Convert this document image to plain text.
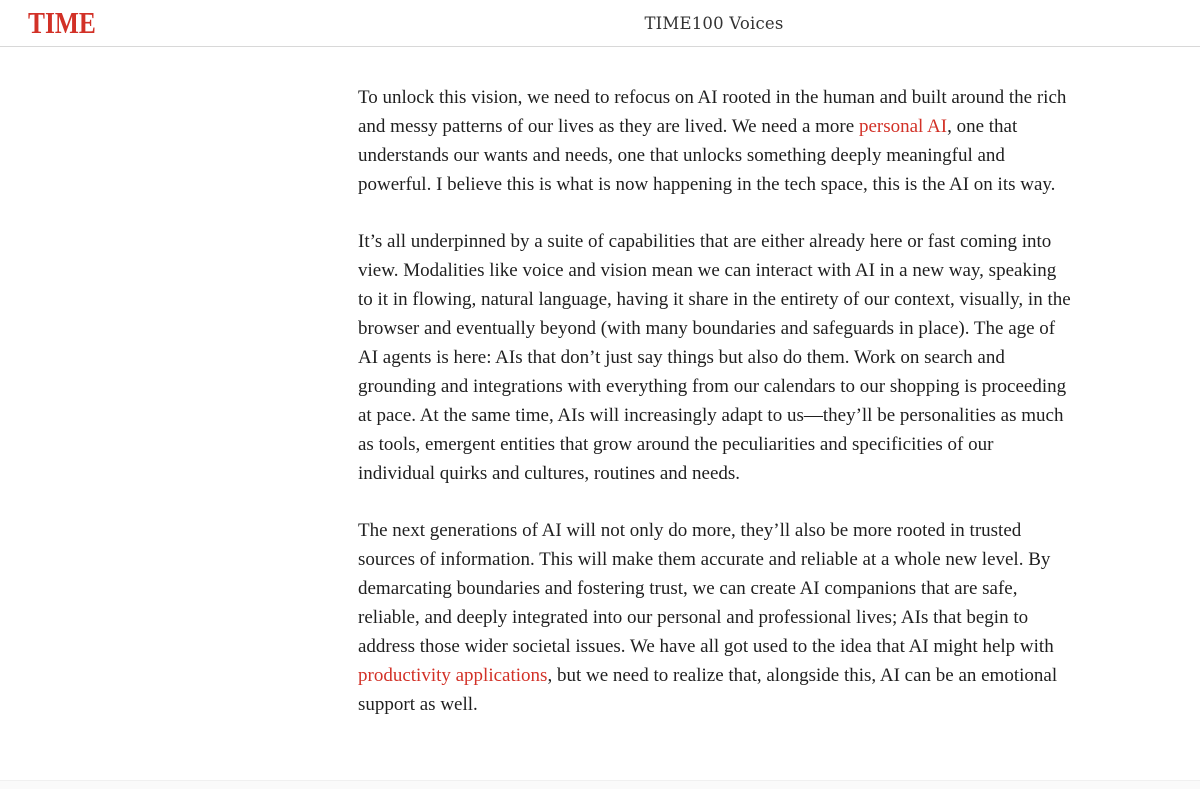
TIME	TIME100 Voices

To unlock this vision, we need to refocus on AI rooted in the human and built around the rich and messy patterns of our lives as they are lived. We need a more personal AI, one that understands our wants and needs, one that unlocks something deeply meaningful and powerful. I believe this is what is now happening in the tech space, this is the AI on its way.

It’s all underpinned by a suite of capabilities that are either already here or fast coming into view. Modalities like voice and vision mean we can interact with AI in a new way, speaking to it in flowing, natural language, having it share in the entirety of our context, visually, in the browser and eventually beyond (with many boundaries and safeguards in place). The age of AI agents is here: AIs that don’t just say things but also do them. Work on search and grounding and integrations with everything from our calendars to our shopping is proceeding at pace. At the same time, AIs will increasingly adapt to us—they’ll be personalities as much as tools, emergent entities that grow around the peculiarities and specificities of our individual quirks and cultures, routines and needs.

The next generations of AI will not only do more, they’ll also be more rooted in trusted sources of information. This will make them accurate and reliable at a whole new level. By demarcating boundaries and fostering trust, we can create AI companions that are safe, reliable, and deeply integrated into our personal and professional lives; AIs that begin to address those wider societal issues. We have all got used to the idea that AI might help with productivity applications, but we need to realize that, alongside this, AI can be an emotional support as well.
